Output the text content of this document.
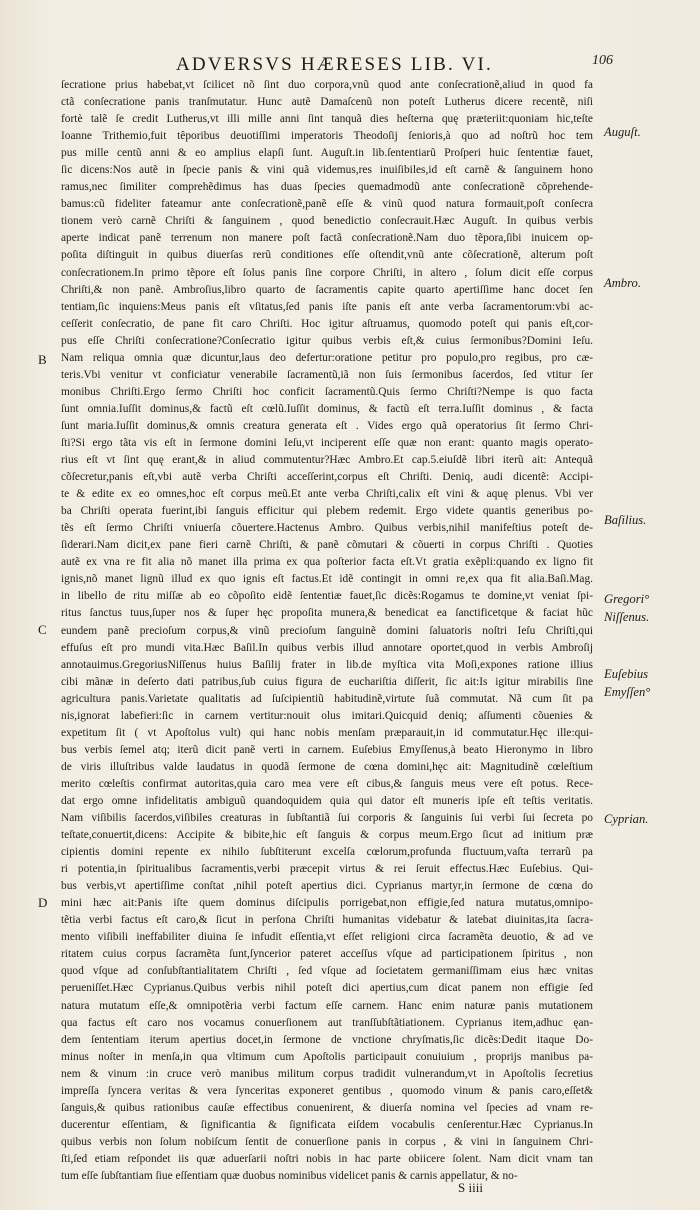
ADVERSVS HÆRESES LIB. VI.	106
ſecratione prius habebat,vt ſcilicet nõ ſint duo corpora,vnũ quod ante conſecrationẽ,aliud in quod fa
ctã conſecratione panis tranſmutatur. Hunc autẽ Damaſcenũ non poteſt Lutherus dicere recentẽ, niſi
fortè talẽ ſe credit Lutherus,vt illi mille anni ſint tanquã dies heſterna quę præteriit:quoniam hic,teſte
Ioanne Trithemio,fuit têporibus deuotiſſimi imperatoris Theodoſij ſenioris,à quo ad noſtrũ hoc tem
pus mille centũ anni & eo amplius elapſi ſunt. Auguſt.in lib.ſententiarũ Proſperi huic ſententiæ fauet,
ſic dicens:Nos autẽ in ſpecie panis & vini quã videmus,res inuiſibiles,id eſt carnẽ & ſanguinem hono
ramus,nec ſimiliter comprehẽdimus has duas ſpecies quemadmodũ ante conſecrationẽ cõprehende-
bamus:cũ fideliter fateamur ante conſecrationẽ,panẽ eſſe & vinũ quod natura formauit,poſt conſecra
tionem verò carnẽ Chriſti & ſanguinem , quod benedictio conſecrauit.Hæc Auguſt. In quibus verbis
aperte indicat panẽ terrenum non manere poſt factã conſecrationẽ.Nam duo tẽpora,ſibi inuicem op-
poſita diſtinguit in quibus diuerſas rerũ conditiones eſſe oſtendit,vnũ ante cõſecrationẽ, alterum poſt
conſecrationem.In primo tẽpore eſt ſolus panis ſine corpore Chriſti, in altero , ſolum dicit eſſe corpus
Chriſti,& non panẽ. Ambroſius,libro quarto de ſacramentis capite quarto apertiſſime hanc docet ſen
tentiam,ſic inquiens:Meus panis eſt vſitatus,ſed panis iſte panis eſt ante verba ſacramentorum:vbi ac-
ceſſerit conſecratio, de pane fit caro Chriſti. Hoc igitur aſtruamus, quomodo poteſt qui panis eſt,cor-
pus eſſe Chriſti conſecratione?Conſecratio igitur quibus verbis eſt,& cuius ſermonibus?Domini Ieſu.
Nam reliqua omnia quæ dicuntur,laus deo defertur:oratione petitur pro populo,pro regibus, pro cæ-
teris.Vbi venitur vt conficiatur venerabile ſacramentũ,iã non ſuis ſermonibus ſacerdos, ſed vtitur ſer
monibus Chriſti.Ergo ſermo Chriſti hoc conficit ſacramentũ.Quis ſermo Chriſti?Nempe is quo facta
ſunt omnia.Iuſſit dominus,& factũ eſt cœlũ.Iuſſit dominus, & factũ eſt terra.Iuſſit dominus , & facta
ſunt maria.Iuſſit dominus,& omnis creatura generata eſt . Vides ergo quã operatorius ſit ſermo Chri-
ſti?Si ergo tãta vis eſt in ſermone domini Ieſu,vt inciperent eſſe quæ non erant: quanto magis operato-
rius eſt vt ſint quę erant,& in aliud commutentur?Hæc Ambro.Et cap.5.eiuſdẽ libri iterũ ait: Antequã
cõſecretur,panis eſt,vbi autẽ verba Chriſti acceſſerint,corpus eſt Chriſti. Deniq, audi dicentẽ: Accipi-
te & edite ex eo omnes,hoc eſt corpus meũ.Et ante verba Chriſti,calix eſt vini & aquę plenus. Vbi ver
ba Chriſti operata fuerint,ibi ſanguis efficitur qui plebem redemit. Ergo videte quantis generibus po-
tẽs eſt ſermo Chriſti vniuerſa cõuertere.Hactenus Ambro. Quibus verbis,nihil manifeſtius poteſt de-
ſiderari.Nam dicit,ex pane fieri carnẽ Chriſti, & panẽ cõmutari & cõuerti in corpus Chriſti . Quoties
autẽ ex vna re fit alia nõ manet illa prima ex qua poſterior facta eſt.Vt gratia exẽpli:quando ex ligno fit
ignis,nõ manet lignũ illud ex quo ignis eſt factus.Et idẽ contingit in omni re,ex qua fit alia.Baſi.Mag.
in libello de ritu miſſæ ab eo cõpoſito eidẽ ſententiæ fauet,ſic dicẽs:Rogamus te domine,vt veniat ſpi-
ritus ſanctus tuus,ſuper nos & ſuper hęc propoſita munera,& benedicat ea ſanctificetque & faciat hũc
eundem panẽ precioſum corpus,& vinũ precioſum ſanguinẽ domini ſaluatoris noſtri Ieſu Chriſti,qui
effuſus eſt pro mundi vita.Hæc Baſil.In quibus verbis illud annotare oportet,quod in verbis Ambroſij
annotauimus.GregoriusNiſſenus huius Baſilij frater in lib.de myſtica vita Moſi,expones ratione illius
cibi mãnæ in deſerto dati patribus,ſub cuius figura de euchariſtia diſſerit, ſic ait:Is igitur mirabilis ſine
agricultura panis.Varietate qualitatis ad ſuſcipientiũ habitudinẽ,virtute ſuã commutat. Nã cum ſit pa
nis,ignorat labefieri:ſic in carnem vertitur:nouit olus imitari.Quicquid deniq; aſſumenti cõuenies &
expetitum ſit ( vt Apoſtolus vult) qui hanc nobis menſam præparauit,in id commutatur.Hęc ille:qui-
bus verbis ſemel atq; iterũ dicit panẽ verti in carnem. Euſebius Emyſſenus,à beato Hieronymo in libro
de viris illuſtribus valde laudatus in quodã ſermone de cœna domini,hęc ait: Magnitudinẽ cœleſtium
merito cœleſtis confirmat autoritas,quia caro mea vere eſt cibus,& ſanguis meus vere eſt potus. Rece-
dat ergo omne infidelitatis ambiguũ quandoquidem quia qui dator eſt muneris ipſe eſt teſtis veritatis.
Nam viſibilis ſacerdos,viſibiles creaturas in ſubſtantiã ſui corporis & ſanguinis ſui verbi ſui ſecreta po
teſtate,conuertit,dicens: Accipite & bibite,hic eſt ſanguis & corpus meum.Ergo ſicut ad initium præ
cipientis domini repente ex nihilo ſubſtiterunt excelſa cœlorum,profunda fluctuum,vaſta terrarũ pa
ri potentia,in ſpiritualibus ſacramentis,verbi præcepit virtus & rei ſeruit effectus.Hæc Euſebius. Qui-
bus verbis,vt apertiſſime conſtat ,nihil poteſt apertius dici. Cyprianus martyr,in ſermone de cœna do
mini hæc ait:Panis iſte quem dominus diſcipulis porrigebat,non effigie,ſed natura mutatus,omnipo-
tẽtia verbi factus eſt caro,& ſicut in perſona Chriſti humanitas videbatur & latebat diuinitas,ita ſacra-
mento viſibili ineffabiliter diuina ſe infudit eſſentia,vt eſſet religioni circa ſacramẽta deuotio, & ad ve
ritatem cuius corpus ſacramẽta ſunt,ſyncerior pateret acceſſus vſque ad participationem ſpiritus , non
quod vſque ad conſubſtantialitatem Chriſti , ſed vſque ad ſocietatem germaniſſimam eius hæc vnitas
perueniſſet.Hæc Cyprianus.Quibus verbis nihil poteſt dici apertius,cum dicat panem non effigie ſed
natura mutatum eſſe,& omnipotẽria verbi factum eſſe carnem. Hanc enim naturæ panis mutationem
qua factus eſt caro nos vocamus conuerſionem aut tranſſubſtãtiationem. Cyprianus item,adhuc ęan-
dem ſententiam iterum apertius docet,in ſermone de vnctione chryſmatis,ſic dicẽs:Dedit itaque Do-
minus noſter in menſa,in qua vltimum cum Apoſtolis participauit conuiuium , proprijs manibus pa-
nem & vinum :in cruce verò manibus militum corpus tradidit vulnerandum,vt in Apoſtolis ſecretius
impreſſa ſyncera veritas & vera ſynceritas exponeret gentibus , quomodo vinum & panis caro,eſſet&
ſanguis,& quibus rationibus cauſæ effectibus conuenirent, & diuerſa nomina vel ſpecies ad vnam re-
ducerentur eſſentiam, & ſignificantia & ſignificata eiſdem vocabulis cenſerentur.Hæc Cyprianus.In
quibus verbis non ſolum nobiſcum ſentit de conuerſione panis in corpus , & vini in ſanguinem Chri-
ſti,ſed etiam reſpondet iis quæ aduerſarii noſtri nobis in hac parte obiicere ſolent. Nam dicit vnam tan
tum eſſe ſubſtantiam ſiue eſſentiam quæ duobus nominibus videlicet panis & carnis appellatur, & no-
Auguſt.
Ambro.
Baſilius.
Gregori°
Niſſenus.
Euſebius
Emyſſen°
Cyprian.
B
C
D
S iiii
